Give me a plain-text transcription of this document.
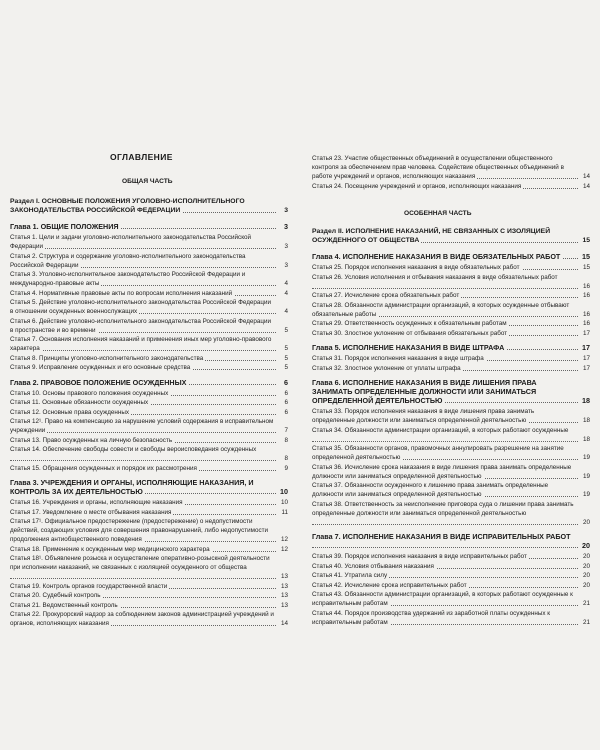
ОГЛАВЛЕНИЕ
ОБЩАЯ ЧАСТЬ
Раздел I. ОСНОВНЫЕ ПОЛОЖЕНИЯ УГОЛОВНО-ИСПОЛНИТЕЛЬНОГО ЗАКОНОДАТЕЛЬСТВА РОССИЙСКОЙ ФЕДЕРАЦИИ	3
Глава 1. ОБЩИЕ ПОЛОЖЕНИЯ	3
Статья 1. Цели и задачи уголовно-исполнительного законодательства Российской Федерации	3
Статья 2. Структура и содержание уголовно-исполнительного законодательства Российской Федерации	3
Статья 3. Уголовно-исполнительное законодательство Российской Федерации и международно-правовые акты	4
Статья 4. Нормативные правовые акты по вопросам исполнения наказаний	4
Статья 5. Действие уголовно-исполнительного законодательства Российской Федерации в отношении осужденных военнослужащих	4
Статья 6. Действие уголовно-исполнительного законодательства Российской Федерации в пространстве и во времени	5
Статья 7. Основания исполнения наказаний и применения иных мер уголовно-правового характера	5
Статья 8. Принципы уголовно-исполнительного законодательства	5
Статья 9. Исправление осужденных и его основные средства	5
Глава 2. ПРАВОВОЕ ПОЛОЖЕНИЕ ОСУЖДЕННЫХ	6
Статья 10. Основы правового положения осужденных	6
Статья 11. Основные обязанности осужденных	6
Статья 12. Основные права осужденных	6
Статья 12¹. Право на компенсацию за нарушение условий содержания в исправительном учреждении	7
Статья 13. Право осужденных на личную безопасность	8
Статья 14. Обеспечение свободы совести и свободы вероисповедания осужденных
8
Статья 15. Обращения осужденных и порядок их рассмотрения	9
Глава 3. УЧРЕЖДЕНИЯ И ОРГАНЫ, ИСПОЛНЯЮЩИЕ НАКАЗАНИЯ, И КОНТРОЛЬ ЗА ИХ ДЕЯТЕЛЬНОСТЬЮ	10
Статья 16. Учреждения и органы, исполняющие наказания	10
Статья 17. Уведомление о месте отбывания наказания	11
Статья 17¹. Официальное предостережение (предостережение) о недопустимости действий, создающих условия для совершения правонарушений, либо недопустимости продолжения антиобщественного поведения	12
Статья 18. Применение к осужденным мер медицинского характера	12
Статья 18¹. Объявление розыска и осуществление оперативно-розыскной деятельности при исполнении наказаний, не связанных с изоляцией осужденного от общества
13
Статья 19. Контроль органов государственной власти	13
Статья 20. Судебный контроль	13
Статья 21. Ведомственный контроль	13
Статья 22. Прокурорский надзор за соблюдением законов администрацией учреждений и органов, исполняющих наказания	14
Статья 23. Участие общественных объединений в осуществлении общественного контроля за обеспечением прав человека. Содействие общественных объединений в работе учреждений и органов, исполняющих наказания	14
Статья 24. Посещение учреждений и органов, исполняющих наказания	14
ОСОБЕННАЯ ЧАСТЬ
Раздел II. ИСПОЛНЕНИЕ НАКАЗАНИЙ, НЕ СВЯЗАННЫХ С ИЗОЛЯЦИЕЙ ОСУЖДЕННОГО ОТ ОБЩЕСТВА	15
Глава 4. ИСПОЛНЕНИЕ НАКАЗАНИЯ В ВИДЕ ОБЯЗАТЕЛЬНЫХ РАБОТ	15
Статья 25. Порядок исполнения наказания в виде обязательных работ	15
Статья 26. Условия исполнения и отбывания наказания в виде обязательных работ
16
Статья 27. Исчисление срока обязательных работ	16
Статья 28. Обязанности администрации организаций, в которых осужденные отбывают обязательные работы	16
Статья 29. Ответственность осужденных к обязательным работам	16
Статья 30. Злостное уклонение от отбывания обязательных работ	17
Глава 5. ИСПОЛНЕНИЕ НАКАЗАНИЯ В ВИДЕ ШТРАФА	17
Статья 31. Порядок исполнения наказания в виде штрафа	17
Статья 32. Злостное уклонение от уплаты штрафа	17
Глава 6. ИСПОЛНЕНИЕ НАКАЗАНИЯ В ВИДЕ ЛИШЕНИЯ ПРАВА ЗАНИМАТЬ ОПРЕДЕЛЕННЫЕ ДОЛЖНОСТИ ИЛИ ЗАНИМАТЬСЯ ОПРЕДЕЛЕННОЙ ДЕЯТЕЛЬНОСТЬЮ	18
Статья 33. Порядок исполнения наказания в виде лишения права занимать определенные должности или заниматься определенной деятельностью	18
Статья 34. Обязанности администрации организаций, в которых работают осужденные
18
Статья 35. Обязанности органов, правомочных аннулировать разрешение на занятие определенной деятельностью	19
Статья 36. Исчисление срока наказания в виде лишения права занимать определенные должности или заниматься определенной деятельностью	19
Статья 37. Обязанности осужденного к лишению права занимать определенные должности или заниматься определенной деятельностью	19
Статья 38. Ответственность за неисполнение приговора суда о лишении права занимать определенные должности или заниматься определенной деятельностью
20
Глава 7. ИСПОЛНЕНИЕ НАКАЗАНИЯ В ВИДЕ ИСПРАВИТЕЛЬНЫХ РАБОТ
20
Статья 39. Порядок исполнения наказания в виде исправительных работ	20
Статья 40. Условия отбывания наказания	20
Статья 41. Утратила силу	20
Статья 42. Исчисление срока исправительных работ	20
Статья 43. Обязанности администрации организаций, в которых работают осужденные к исправительным работам	21
Статья 44. Порядок производства удержаний из заработной платы осужденных к исправительным работам	21
